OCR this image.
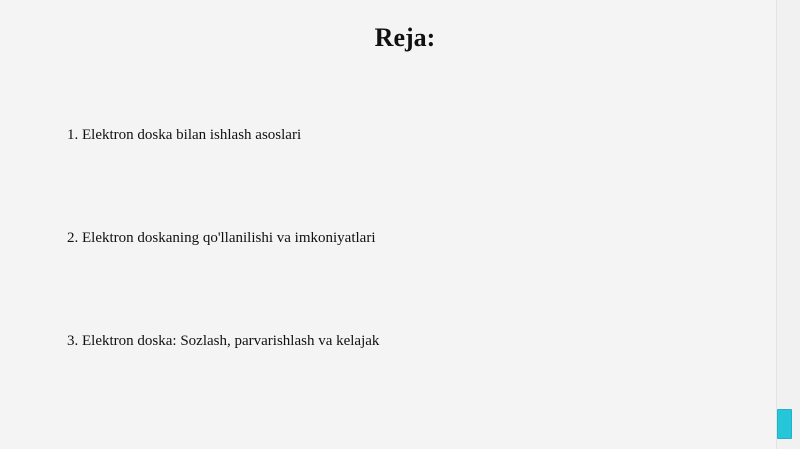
Reja:

1. Elektron doska bilan ishlash asoslari

2. Elektron doskaning qo'llanilishi va imkoniyatlari

3. Elektron doska: Sozlash, parvarishlash va kelajak
